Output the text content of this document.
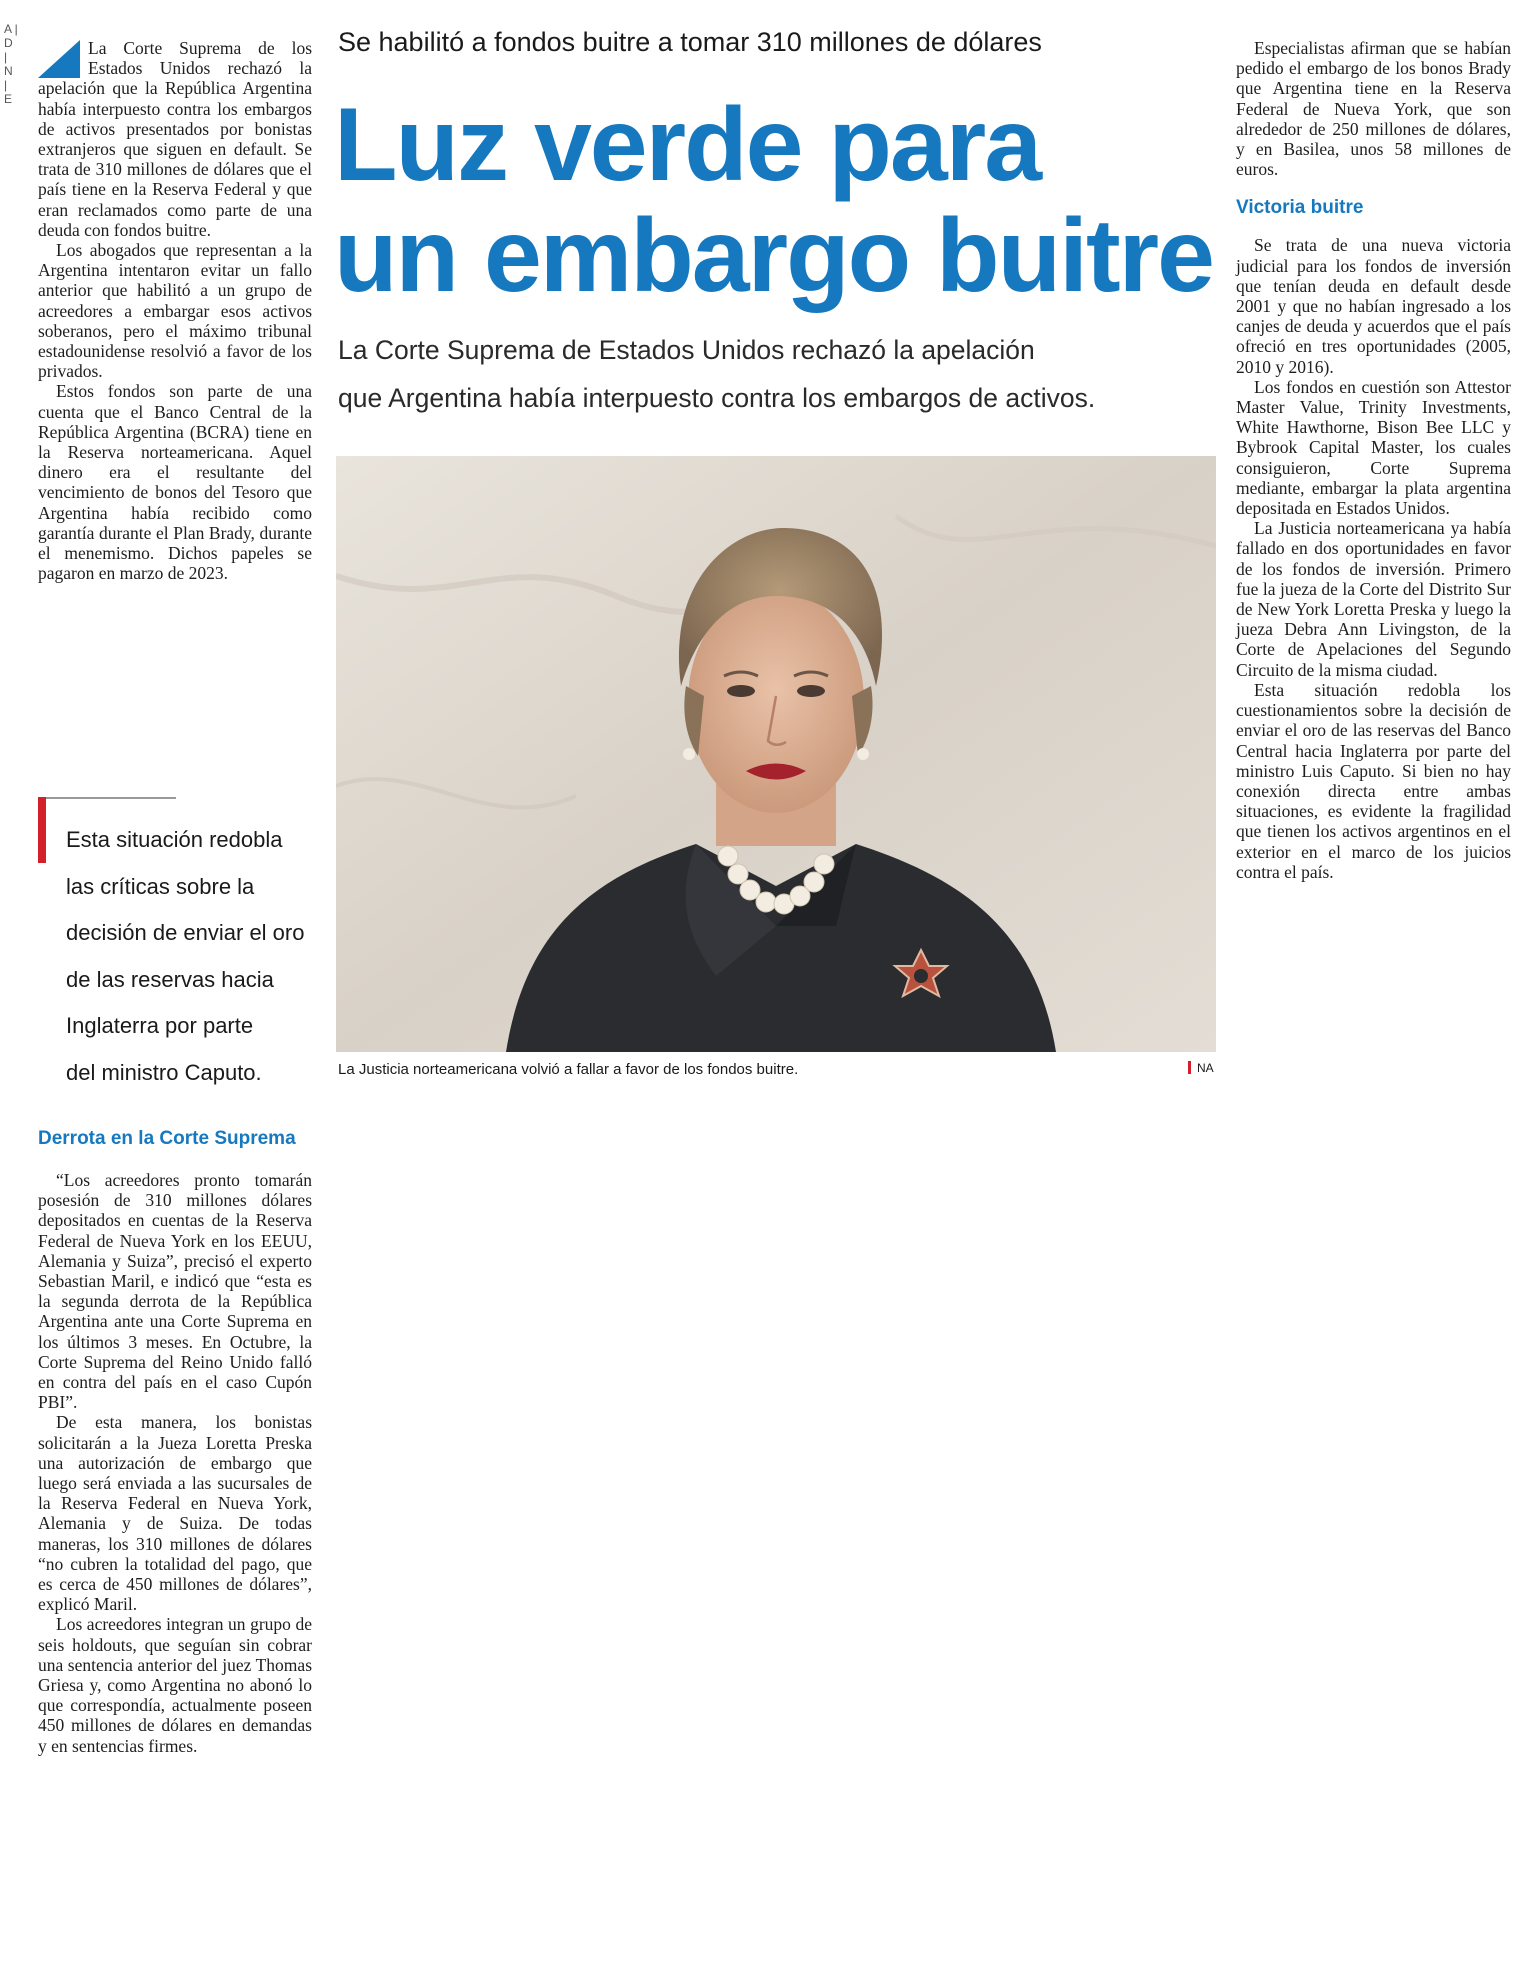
A | D | N | E

La Corte Suprema de los Estados Unidos rechazó la apelación que la República Argentina había interpuesto contra los embargos de activos presentados por bonistas extranjeros que siguen en default. Se trata de 310 millones de dólares que el país tiene en la Reserva Federal y que eran reclamados como parte de una deuda con fondos buitre.

Los abogados que representan a la Argentina intentaron evitar un fallo anterior que habilitó a un grupo de acreedores a embargar esos activos soberanos, pero el máximo tribunal estadounidense resolvió a favor de los privados.

Estos fondos son parte de una cuenta que el Banco Central de la República Argentina (BCRA) tiene en la Reserva norteamericana. Aquel dinero era el resultante del vencimiento de bonos del Tesoro que Argentina había recibido como garantía durante el Plan Brady, durante el menemismo. Dichos papeles se pagaron en marzo de 2023.

Esta situación redobla
las críticas sobre la
decisión de enviar el oro
de las reservas hacia
Inglaterra por parte
del ministro Caputo.
Derrota en la Corte Suprema

“Los acreedores pronto tomarán posesión de 310 millones dólares depositados en cuentas de la Reserva Federal de Nueva York en los EEUU, Alemania y Suiza”, precisó el experto Sebastian Maril, e indicó que “esta es la segunda derrota de la República Argentina ante una Corte Suprema en los últimos 3 meses. En Octubre, la Corte Suprema del Reino Unido falló en contra del país en el caso Cupón PBI”.

De esta manera, los bonistas solicitarán a la Jueza Loretta Preska una autorización de embargo que luego será enviada a las sucursales de la Reserva Federal en Nueva York, Alemania y de Suiza. De todas maneras, los 310 millones de dólares “no cubren la totalidad del pago, que es cerca de 450 millones de dólares”, explicó Maril.

Los acreedores integran un grupo de seis holdouts, que seguían sin cobrar una sentencia anterior del juez Thomas Griesa y, como Argentina no abonó lo que correspondía, actualmente poseen 450 millones de dólares en demandas y en sentencias firmes.

Se habilitó a fondos buitre a tomar 310 millones de dólares
Luz verde para
un embargo buitre
La Corte Suprema de Estados Unidos rechazó la apelación
que Argentina había interpuesto contra los embargos de activos.
La Justicia norteamericana volvió a fallar a favor de los fondos buitre.	NA

Especialistas afirman que se habían pedido el embargo de los bonos Brady que Argentina tiene en la Reserva Federal de Nueva York, que son alrededor de 250 millones de dólares, y en Basilea, unos 58 millones de euros.

Victoria buitre

Se trata de una nueva victoria judicial para los fondos de inversión que tenían deuda en default desde 2001 y que no habían ingresado a los canjes de deuda y acuerdos que el país ofreció en tres oportunidades (2005, 2010 y 2016).

Los fondos en cuestión son Attestor Master Value, Trinity Investments, White Hawthorne, Bison Bee LLC y Bybrook Capital Master, los cuales consiguieron, Corte Suprema mediante, embargar la plata argentina depositada en Estados Unidos.

La Justicia norteamericana ya había fallado en dos oportunidades en favor de los fondos de inversión. Primero fue la jueza de la Corte del Distrito Sur de New York Loretta Preska y luego la jueza Debra Ann Livingston, de la Corte de Apelaciones del Segundo Circuito de la misma ciudad.

Esta situación redobla los cuestionamientos sobre la decisión de enviar el oro de las reservas del Banco Central hacia Inglaterra por parte del ministro Luis Caputo. Si bien no hay conexión directa entre ambas situaciones, es evidente la fragilidad que tienen los activos argentinos en el exterior en el marco de los juicios contra el país.
